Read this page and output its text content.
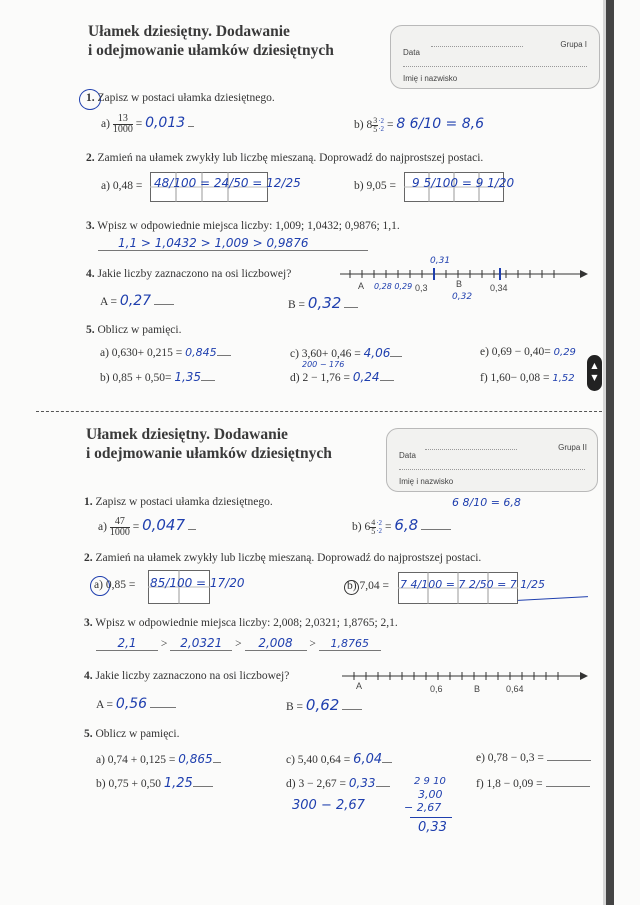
Ułamek dziesiętny. Dodawanie
i odejmowanie ułamków dziesiętnych	Data
Grupa I
Imię i nazwisko
1. Zapisz w postaci ułamka dziesiętnego.
$a) \frac{13}{1000} = 0,013$	b) $8 \frac{3}{5} \cdot 2$
·2 = 8 6/10 = 8,6
2. Zamień na ułamek zwykły lub liczbę mieszaną. Doprowadź do najprostszej postaci.
a) 0,48 = 48/100 = 24/50 = 12/25	b) 9,05 = 9 5/100 = 9 1/20
3. Wpisz w odpowiednie miejsca liczby: 1,009; 1,0432; 0,9876; 1,1.
1,1 > 1,0432 > 1,009 > 0,9876
4. Jakie liczby zaznaczono na osi liczbowej?
A	0,3	B	0,34
0,28 0,29
0,31
0,32
A = 0,27	B = 0,32
5. Oblicz w pamięci.
a) 0,630+ 0,215 = 0,845
b) 0,85 + 0,50= 1,35
c) 3,60+ 0,46 = 4,06
200 − 176
d) 2 − 1,76 = 0,24
e) 0,69 − 0,40= 0,29
f) 1,60− 0,08 = 1,52
▲
▼
Ułamek dziesiętny. Dodawanie
i odejmowanie ułamków dziesiętnych	Data
Grupa II
Imię i nazwisko
1. Zapisz w postaci ułamka dziesiętnego.	6 8/10 = 6,8
$a) \frac{47}{1000} = 0,047$	b) $6 \frac{4}{5} \cdot 2$
·2 = 6,8
2. Zamień na ułamek zwykły lub liczbę mieszaną. Doprowadź do najprostszej postaci.
a) 0,85 = 85/100 = 17/20	b) 7,04 = 7 4/100 = 7 2/50 = 7 1/25
3. Wpisz w odpowiednie miejsca liczby: 2,008; 2,0321; 1,8765; 2,1.
2,1 > 2,0321 > 2,008 > 1,8765
4. Jakie liczby zaznaczono na osi liczbowej?
A	0,6	B	0,64
A = 0,56	B = 0,62
5. Oblicz w pamięci.
a) 0,74 + 0,125 = 0,865
b) 0,75 + 0,50 1,25
c) 5,40 0,64 = 6,04
d) 3 − 2,67 = 0,33
300 − 2,67
e) 0,78 − 0,3 =
f) 1,8 − 0,09 =
2 9 10
3,00
− 2,67
0,33
